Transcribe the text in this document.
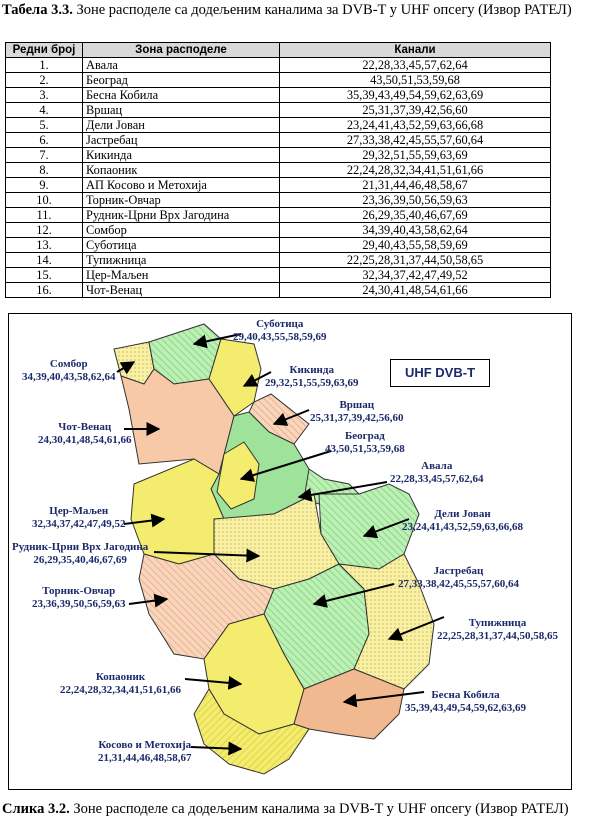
Табела 3.3. Зоне расподеле са додељеним каналима за DVB-T у UHF опсегу (Извор РАТЕЛ)
Редни број	Зона расподеле	Канали
1.	Авала	22,28,33,45,57,62,64
2.	Београд	43,50,51,53,59,68
3.	Бесна Кобила	35,39,43,49,54,59,62,63,69
4.	Вршац	25,31,37,39,42,56,60
5.	Дели Јован	23,24,41,43,52,59,63,66,68
6.	Јастребац	27,33,38,42,45,55,57,60,64
7.	Кикинда	29,32,51,55,59,63,69
8.	Копаоник	22,24,28,32,34,41,51,61,66
9.	АП Косово и Метохија	21,31,44,46,48,58,67
10.	Торник-Овчар	23,36,39,50,56,59,63
11.	Рудник-Црни Врх Јагодина	26,29,35,40,46,67,69
12.	Сомбор	34,39,40,43,58,62,64
13.	Суботица	29,40,43,55,58,59,69
14.	Тупижница	22,25,28,31,37,44,50,58,65
15.	Цер-Маљен	32,34,37,42,47,49,52
16.	Чот-Венац	24,30,41,48,54,61,66
UHF DVB-T
Суботица
29,40,43,55,58,59,69
Сомбор
34,39,40,43,58,62,64
Кикинда
29,32,51,55,59,63,69
Вршац
25,31,37,39,42,56,60
Чот-Венац
24,30,41,48,54,61,66	Београд
43,50,51,53,59,68
Авала
22,28,33,45,57,62,64
Цер-Маљен
32,34,37,42,47,49,52
Дели Јован
23,24,41,43,52,59,63,66,68
Рудник-Црни Врх Јагодина
26,29,35,40,46,67,69
Јастребац
27,33,38,42,45,55,57,60,64
Торник-Овчар
23,36,39,50,56,59,63
Тупижница
22,25,28,31,37,44,50,58,65
Копаоник
22,24,28,32,34,41,51,61,66	Бесна Кобила
35,39,43,49,54,59,62,63,69
Косово и Метохија
21,31,44,46,48,58,67
Слика 3.2. Зоне расподеле са додељеним каналима за DVB-T у UHF опсегу (Извор РАТЕЛ)
